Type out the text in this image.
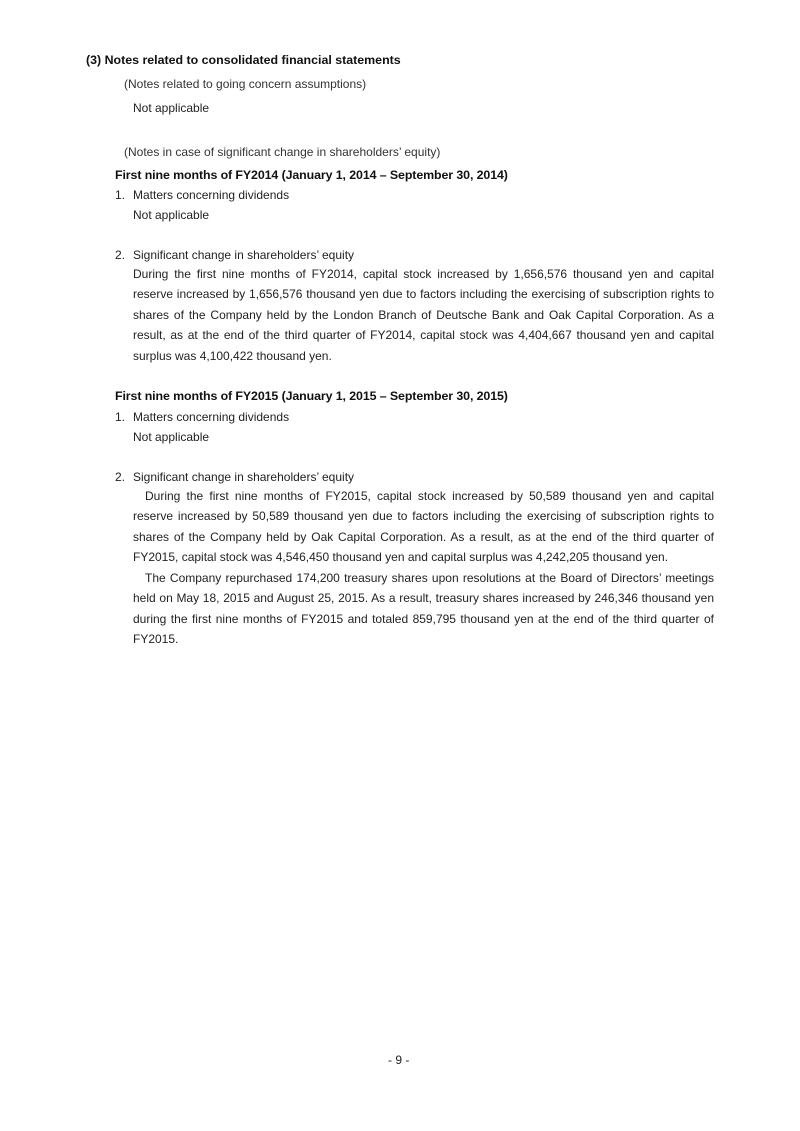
(3) Notes related to consolidated financial statements
(Notes related to going concern assumptions)
Not applicable
(Notes in case of significant change in shareholders’ equity)
First nine months of FY2014 (January 1, 2014 – September 30, 2014)
1. Matters concerning dividends
Not applicable
2. Significant change in shareholders’ equity
During the first nine months of FY2014, capital stock increased by 1,656,576 thousand yen and capital reserve increased by 1,656,576 thousand yen due to factors including the exercising of subscription rights to shares of the Company held by the London Branch of Deutsche Bank and Oak Capital Corporation. As a result, as at the end of the third quarter of FY2014, capital stock was 4,404,667 thousand yen and capital surplus was 4,100,422 thousand yen.
First nine months of FY2015 (January 1, 2015 – September 30, 2015)
1. Matters concerning dividends
Not applicable
2. Significant change in shareholders’ equity
During the first nine months of FY2015, capital stock increased by 50,589 thousand yen and capital reserve increased by 50,589 thousand yen due to factors including the exercising of subscription rights to shares of the Company held by Oak Capital Corporation. As a result, as at the end of the third quarter of FY2015, capital stock was 4,546,450 thousand yen and capital surplus was 4,242,205 thousand yen.
The Company repurchased 174,200 treasury shares upon resolutions at the Board of Directors’ meetings held on May 18, 2015 and August 25, 2015. As a result, treasury shares increased by 246,346 thousand yen during the first nine months of FY2015 and totaled 859,795 thousand yen at the end of the third quarter of FY2015.
- 9 -
